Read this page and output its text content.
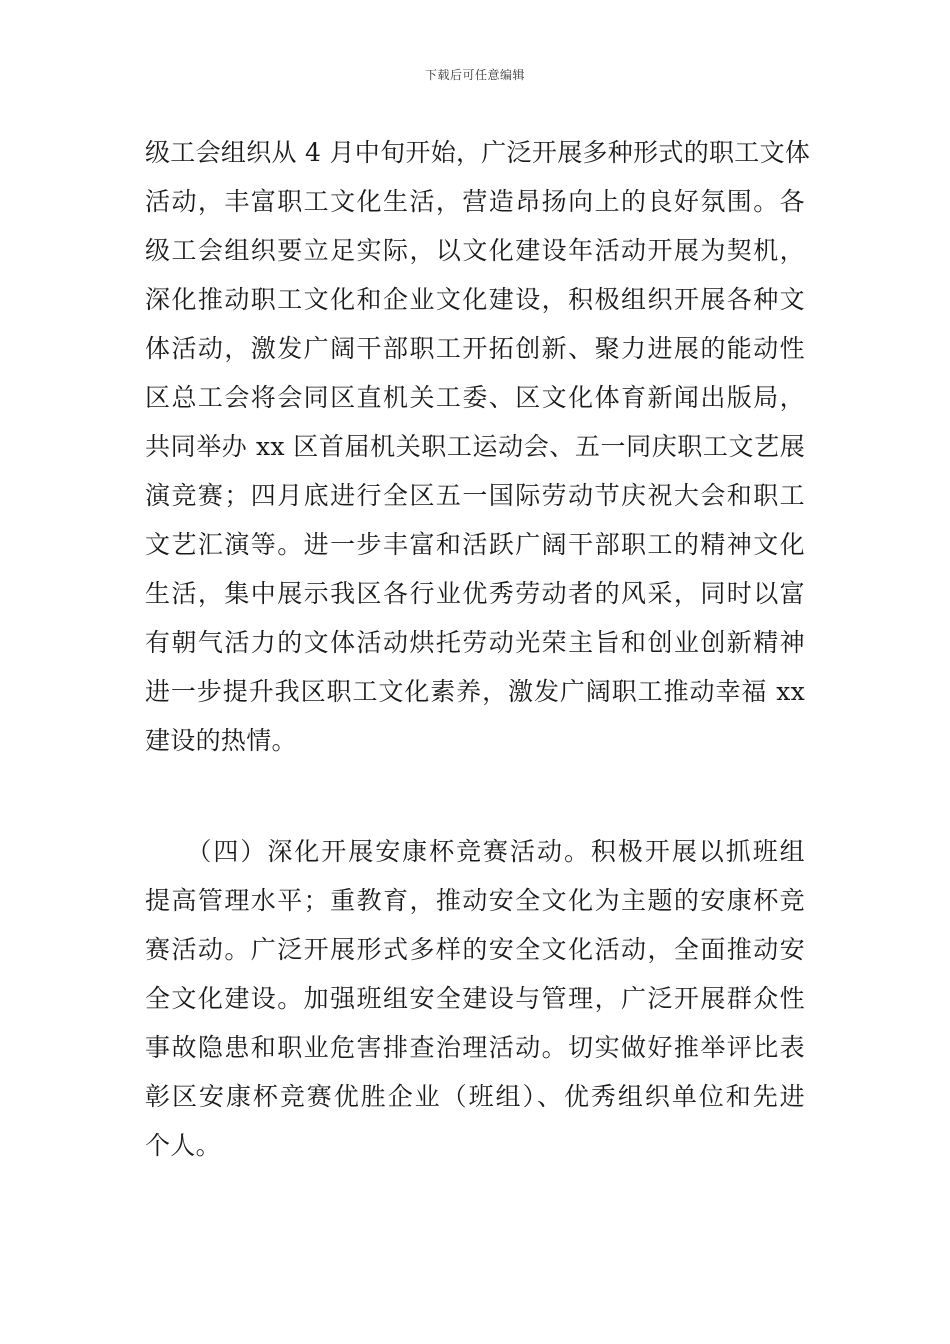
下载后可任意编辑
级工会组织从 4 月中旬开始，广泛开展多种形式的职工文体
活动，丰富职工文化生活，营造昂扬向上的良好氛围。各
级工会组织要立足实际，以文化建设年活动开展为契机，
深化推动职工文化和企业文化建设，积极组织开展各种文
体活动，激发广阔干部职工开拓创新、聚力进展的能动性
区总工会将会同区直机关工委、区文化体育新闻出版局，
共同举办 xx 区首届机关职工运动会、五一同庆职工文艺展
演竞赛；四月底进行全区五一国际劳动节庆祝大会和职工
文艺汇演等。进一步丰富和活跃广阔干部职工的精神文化
生活，集中展示我区各行业优秀劳动者的风采，同时以富
有朝气活力的文体活动烘托劳动光荣主旨和创业创新精神
进一步提升我区职工文化素养，激发广阔职工推动幸福 xx
建设的热情。
　　（四）深化开展安康杯竞赛活动。积极开展以抓班组
提高管理水平；重教育，推动安全文化为主题的安康杯竞
赛活动。广泛开展形式多样的安全文化活动，全面推动安
全文化建设。加强班组安全建设与管理，广泛开展群众性
事故隐患和职业危害排查治理活动。切实做好推举评比表
彰区安康杯竞赛优胜企业（班组）、优秀组织单位和先进
个人。
